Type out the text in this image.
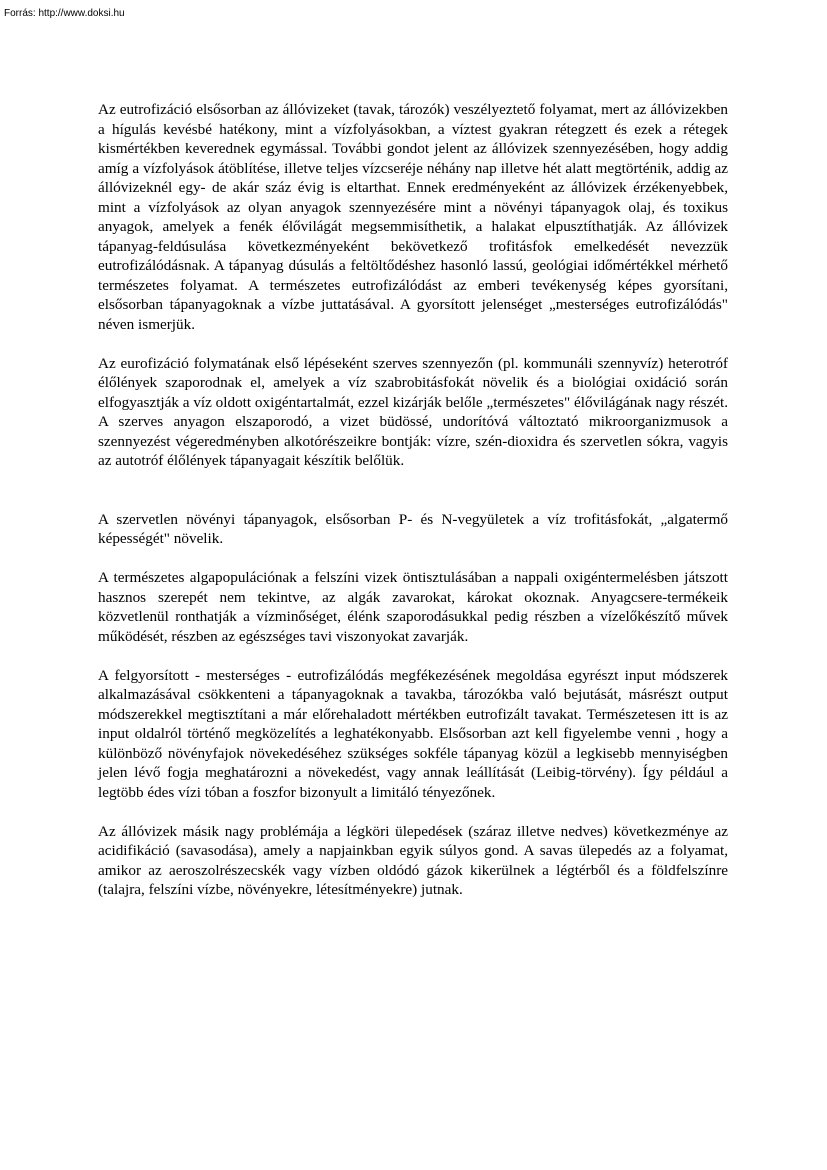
Forrás: http://www.doksi.hu

Az eutrofizáció elsősorban az állóvizeket (tavak, tározók) veszélyeztető folyamat, mert az állóvizekben a hígulás kevésbé hatékony, mint a vízfolyásokban, a víztest gyakran rétegzett és ezek a rétegek kismértékben keverednek egymással. További gondot jelent az állóvizek szennyezésében, hogy addig amíg a vízfolyások átöblítése, illetve teljes vízcseréje néhány nap illetve hét alatt megtörténik, addig az állóvizeknél egy- de akár száz évig is eltarthat. Ennek eredményeként az állóvizek érzékenyebbek, mint a vízfolyások az olyan anyagok szennyezésére mint a növényi tápanyagok olaj, és toxikus anyagok, amelyek a fenék élővilágát megsemmisíthetik, a halakat elpusztíthatják. Az állóvizek tápanyag-feldúsulása következményeként bekövetkező trofitásfok emelkedését nevezzük eutrofizálódásnak. A tápanyag dúsulás a feltöltődéshez hasonló lassú, geológiai időmértékkel mérhető természetes folyamat. A természetes eutrofizálódást az emberi tevékenység képes gyorsítani, elsősorban tápanyagoknak a vízbe juttatásával. A gyorsított jelenséget „mesterséges eutrofizálódás" néven ismerjük.

Az eurofizáció folymatának első lépéseként szerves szennyezőn (pl. kommunáli szennyvíz) heterotróf élőlények szaporodnak el, amelyek a víz szabrobitásfokát növelik és a biológiai oxidáció során elfogyasztják a víz oldott oxigéntartalmát, ezzel kizárják belőle „természetes" élővilágának nagy részét. A szerves anyagon elszaporodó, a vizet büdössé, undorítóvá változtató mikroorganizmusok a szennyezést végeredményben alkotórészeikre bontják: vízre, szén-dioxidra és szervetlen sókra, vagyis az autotróf élőlények tápanyagait készítik belőlük.

A szervetlen növényi tápanyagok, elsősorban P- és N-vegyületek a víz trofitásfokát, „algatermő képességét" növelik.

A természetes algapopulációnak a felszíni vizek öntisztulásában a nappali oxigéntermelésben játszott hasznos szerepét nem tekintve, az algák zavarokat, károkat okoznak. Anyagcsere-termékeik közvetlenül ronthatják a vízminőséget, élénk szaporodásukkal pedig részben a vízelőkészítő művek működését, részben az egészséges tavi viszonyokat zavarják.

A felgyorsított - mesterséges - eutrofizálódás megfékezésének megoldása egyrészt input módszerek alkalmazásával csökkenteni a tápanyagoknak a tavakba, tározókba való bejutását, másrészt output módszerekkel megtisztítani a már előrehaladott mértékben eutrofizált tavakat. Természetesen itt is az input oldalról történő megközelítés a leghatékonyabb. Elsősorban azt kell figyelembe venni , hogy a különböző növényfajok növekedéséhez szükséges sokféle tápanyag közül a legkisebb mennyiségben jelen lévő fogja meghatározni a növekedést, vagy annak leállítását (Leibig-törvény). Így például a legtöbb édes vízi tóban a foszfor bizonyult a limitáló tényezőnek.

Az állóvizek másik nagy problémája a légköri ülepedések (száraz illetve nedves) következménye az acidifikáció (savasodása), amely a napjainkban egyik súlyos gond. A savas ülepedés az a folyamat, amikor az aeroszolrészecskék vagy vízben oldódó gázok kikerülnek a légtérből és a földfelszínre (talajra, felszíni vízbe, növényekre, létesítményekre) jutnak.
